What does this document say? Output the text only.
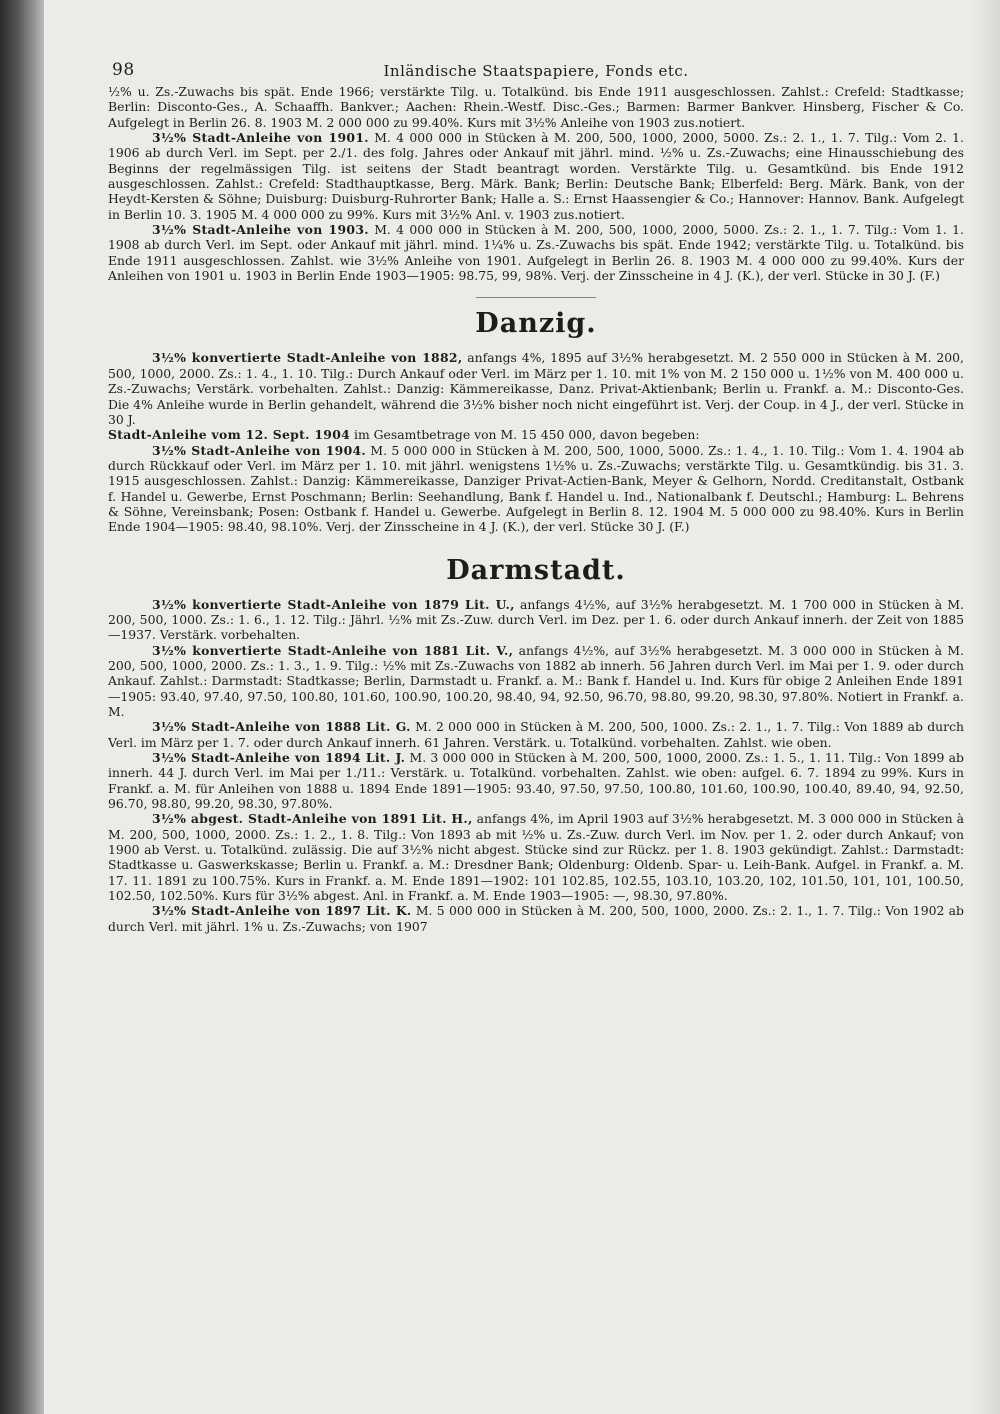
98	Inländische Staatspapiere, Fonds etc.

½% u. Zs.-Zuwachs bis spät. Ende 1966; verstärkte Tilg. u. Totalkünd. bis Ende 1911 ausgeschlossen. Zahlst.: Crefeld: Stadtkasse; Berlin: Disconto-Ges., A. Schaaffh. Bankver.; Aachen: Rhein.-Westf. Disc.-Ges.; Barmen: Barmer Bankver. Hinsberg, Fischer & Co. Aufgelegt in Berlin 26. 8. 1903 M. 2 000 000 zu 99.40%. Kurs mit 3½% Anleihe von 1903 zus.notiert.

3½% Stadt-Anleihe von 1901. M. 4 000 000 in Stücken à M. 200, 500, 1000, 2000, 5000. Zs.: 2. 1., 1. 7. Tilg.: Vom 2. 1. 1906 ab durch Verl. im Sept. per 2./1. des folg. Jahres oder Ankauf mit jährl. mind. ½% u. Zs.-Zuwachs; eine Hinausschiebung des Beginns der regelmässigen Tilg. ist seitens der Stadt beantragt worden. Verstärkte Tilg. u. Gesamtkünd. bis Ende 1912 ausgeschlossen. Zahlst.: Crefeld: Stadthauptkasse, Berg. Märk. Bank; Berlin: Deutsche Bank; Elberfeld: Berg. Märk. Bank, von der Heydt-Kersten & Söhne; Duisburg: Duisburg-Ruhrorter Bank; Halle a. S.: Ernst Haassengier & Co.; Hannover: Hannov. Bank. Aufgelegt in Berlin 10. 3. 1905 M. 4 000 000 zu 99%. Kurs mit 3½% Anl. v. 1903 zus.notiert.

3½% Stadt-Anleihe von 1903. M. 4 000 000 in Stücken à M. 200, 500, 1000, 2000, 5000. Zs.: 2. 1., 1. 7. Tilg.: Vom 1. 1. 1908 ab durch Verl. im Sept. oder Ankauf mit jährl. mind. 1¼% u. Zs.-Zuwachs bis spät. Ende 1942; verstärkte Tilg. u. Totalkünd. bis Ende 1911 ausgeschlossen. Zahlst. wie 3½% Anleihe von 1901. Aufgelegt in Berlin 26. 8. 1903 M. 4 000 000 zu 99.40%. Kurs der Anleihen von 1901 u. 1903 in Berlin Ende 1903—1905: 98.75, 99, 98%. Verj. der Zinsscheine in 4 J. (K.), der verl. Stücke in 30 J. (F.)

Danzig.

3½% konvertierte Stadt-Anleihe von 1882, anfangs 4%, 1895 auf 3½% herabgesetzt. M. 2 550 000 in Stücken à M. 200, 500, 1000, 2000. Zs.: 1. 4., 1. 10. Tilg.: Durch Ankauf oder Verl. im März per 1. 10. mit 1% von M. 2 150 000 u. 1½% von M. 400 000 u. Zs.-Zuwachs; Verstärk. vorbehalten. Zahlst.: Danzig: Kämmereikasse, Danz. Privat-Aktienbank; Berlin u. Frankf. a. M.: Disconto-Ges. Die 4% Anleihe wurde in Berlin gehandelt, während die 3½% bisher noch nicht eingeführt ist. Verj. der Coup. in 4 J., der verl. Stücke in 30 J.

Stadt-Anleihe vom 12. Sept. 1904 im Gesamtbetrage von M. 15 450 000, davon begeben:

3½% Stadt-Anleihe von 1904. M. 5 000 000 in Stücken à M. 200, 500, 1000, 5000. Zs.: 1. 4., 1. 10. Tilg.: Vom 1. 4. 1904 ab durch Rückkauf oder Verl. im März per 1. 10. mit jährl. wenigstens 1½% u. Zs.-Zuwachs; verstärkte Tilg. u. Gesamtkündig. bis 31. 3. 1915 ausgeschlossen. Zahlst.: Danzig: Kämmereikasse, Danziger Privat-Actien-Bank, Meyer & Gelhorn, Nordd. Creditanstalt, Ostbank f. Handel u. Gewerbe, Ernst Poschmann; Berlin: Seehandlung, Bank f. Handel u. Ind., Nationalbank f. Deutschl.; Hamburg: L. Behrens & Söhne, Vereinsbank; Posen: Ostbank f. Handel u. Gewerbe. Aufgelegt in Berlin 8. 12. 1904 M. 5 000 000 zu 98.40%. Kurs in Berlin Ende 1904—1905: 98.40, 98.10%. Verj. der Zinsscheine in 4 J. (K.), der verl. Stücke 30 J. (F.)

Darmstadt.

3½% konvertierte Stadt-Anleihe von 1879 Lit. U., anfangs 4½%, auf 3½% herabgesetzt. M. 1 700 000 in Stücken à M. 200, 500, 1000. Zs.: 1. 6., 1. 12. Tilg.: Jährl. ½% mit Zs.-Zuw. durch Verl. im Dez. per 1. 6. oder durch Ankauf innerh. der Zeit von 1885—1937. Verstärk. vorbehalten.

3½% konvertierte Stadt-Anleihe von 1881 Lit. V., anfangs 4½%, auf 3½% herabgesetzt. M. 3 000 000 in Stücken à M. 200, 500, 1000, 2000. Zs.: 1. 3., 1. 9. Tilg.: ½% mit Zs.-Zuwachs von 1882 ab innerh. 56 Jahren durch Verl. im Mai per 1. 9. oder durch Ankauf. Zahlst.: Darmstadt: Stadtkasse; Berlin, Darmstadt u. Frankf. a. M.: Bank f. Handel u. Ind. Kurs für obige 2 Anleihen Ende 1891—1905: 93.40, 97.40, 97.50, 100.80, 101.60, 100.90, 100.20, 98.40, 94, 92.50, 96.70, 98.80, 99.20, 98.30, 97.80%. Notiert in Frankf. a. M.

3½% Stadt-Anleihe von 1888 Lit. G. M. 2 000 000 in Stücken à M. 200, 500, 1000. Zs.: 2. 1., 1. 7. Tilg.: Von 1889 ab durch Verl. im März per 1. 7. oder durch Ankauf innerh. 61 Jahren. Verstärk. u. Totalkünd. vorbehalten. Zahlst. wie oben.

3½% Stadt-Anleihe von 1894 Lit. J. M. 3 000 000 in Stücken à M. 200, 500, 1000, 2000. Zs.: 1. 5., 1. 11. Tilg.: Von 1899 ab innerh. 44 J. durch Verl. im Mai per 1./11.: Verstärk. u. Totalkünd. vorbehalten. Zahlst. wie oben: aufgel. 6. 7. 1894 zu 99%. Kurs in Frankf. a. M. für Anleihen von 1888 u. 1894 Ende 1891—1905: 93.40, 97.50, 97.50, 100.80, 101.60, 100.90, 100.40, 89.40, 94, 92.50, 96.70, 98.80, 99.20, 98.30, 97.80%.

3½% abgest. Stadt-Anleihe von 1891 Lit. H., anfangs 4%, im April 1903 auf 3½% herabgesetzt. M. 3 000 000 in Stücken à M. 200, 500, 1000, 2000. Zs.: 1. 2., 1. 8. Tilg.: Von 1893 ab mit ½% u. Zs.-Zuw. durch Verl. im Nov. per 1. 2. oder durch Ankauf; von 1900 ab Verst. u. Totalkünd. zulässig. Die auf 3½% nicht abgest. Stücke sind zur Rückz. per 1. 8. 1903 gekündigt. Zahlst.: Darmstadt: Stadtkasse u. Gaswerkskasse; Berlin u. Frankf. a. M.: Dresdner Bank; Oldenburg: Oldenb. Spar- u. Leih-Bank. Aufgel. in Frankf. a. M. 17. 11. 1891 zu 100.75%. Kurs in Frankf. a. M. Ende 1891—1902: 101 102.85, 102.55, 103.10, 103.20, 102, 101.50, 101, 101, 100.50, 102.50, 102.50%. Kurs für 3½% abgest. Anl. in Frankf. a. M. Ende 1903—1905: —, 98.30, 97.80%.

3½% Stadt-Anleihe von 1897 Lit. K. M. 5 000 000 in Stücken à M. 200, 500, 1000, 2000. Zs.: 2. 1., 1. 7. Tilg.: Von 1902 ab durch Verl. mit jährl. 1% u. Zs.-Zuwachs; von 1907
